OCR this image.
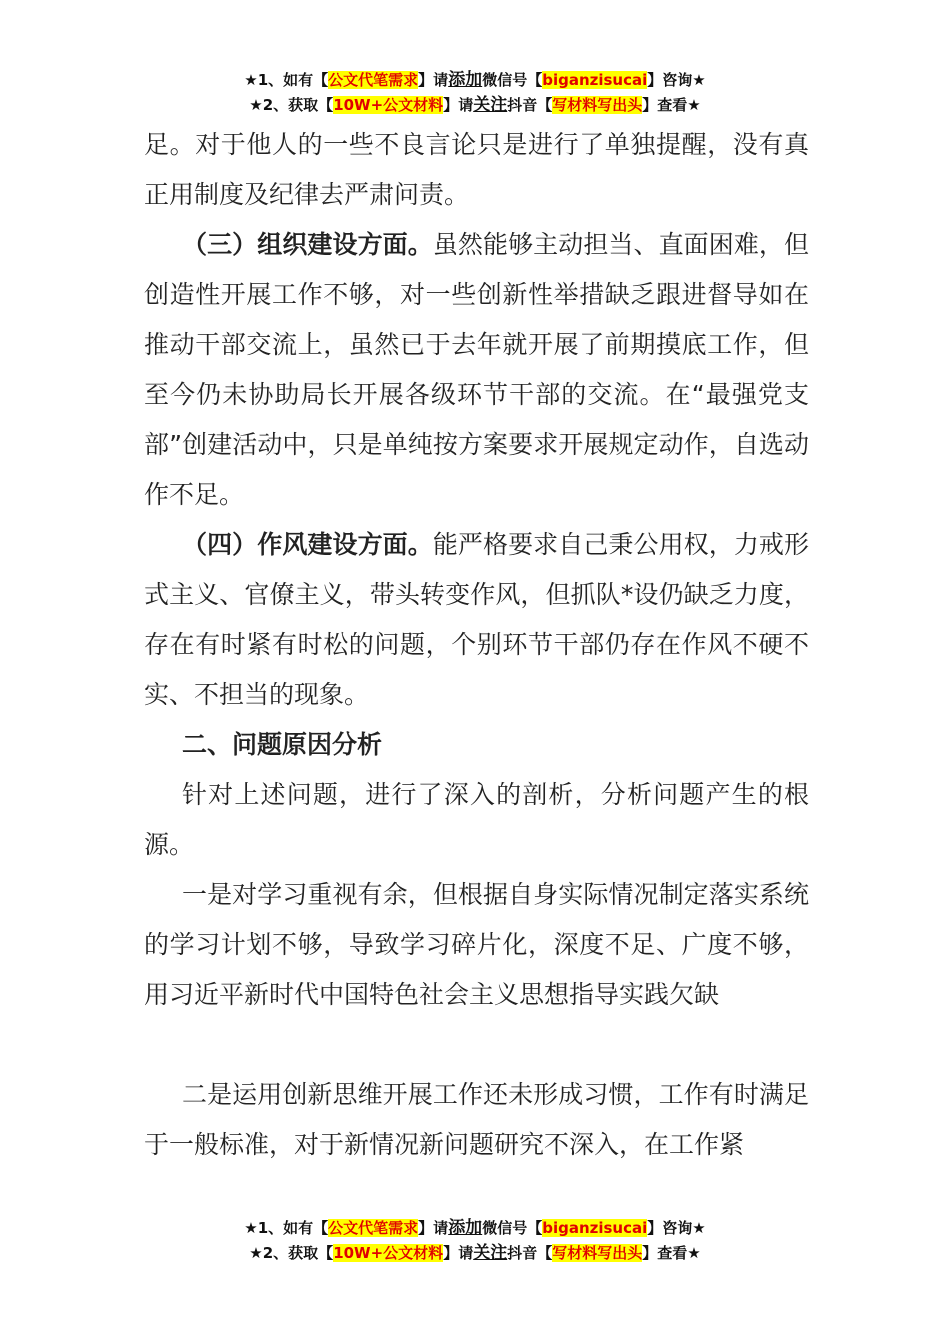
★1、如有【公文代笔需求】请添加微信号【biganzisucai】咨询★
★2、获取【10W+公文材料】请关注抖音【写材料写出头】查看★

足。对于他人的一些不良言论只是进行了单独提醒，没有真正用制度及纪律去严肃问责。

（三）组织建设方面。虽然能够主动担当、直面困难，但创造性开展工作不够，对一些创新性举措缺乏跟进督导如在推动干部交流上，虽然已于去年就开展了前期摸底工作，但至今仍未协助局长开展各级环节干部的交流。在“最强党支部”创建活动中，只是单纯按方案要求开展规定动作，自选动作不足。

（四）作风建设方面。能严格要求自己秉公用权，力戒形式主义、官僚主义，带头转变作风，但抓队*设仍缺乏力度，存在有时紧有时松的问题，个别环节干部仍存在作风不硬不实、不担当的现象。

二、问题原因分析

针对上述问题，进行了深入的剖析，分析问题产生的根源。

一是对学习重视有余，但根据自身实际情况制定落实系统的学习计划不够，导致学习碎片化，深度不足、广度不够，用习近平新时代中国特色社会主义思想指导实践欠缺

二是运用创新思维开展工作还未形成习惯，工作有时满足于一般标准，对于新情况新问题研究不深入，在工作紧

★1、如有【公文代笔需求】请添加微信号【biganzisucai】咨询★
★2、获取【10W+公文材料】请关注抖音【写材料写出头】查看★
